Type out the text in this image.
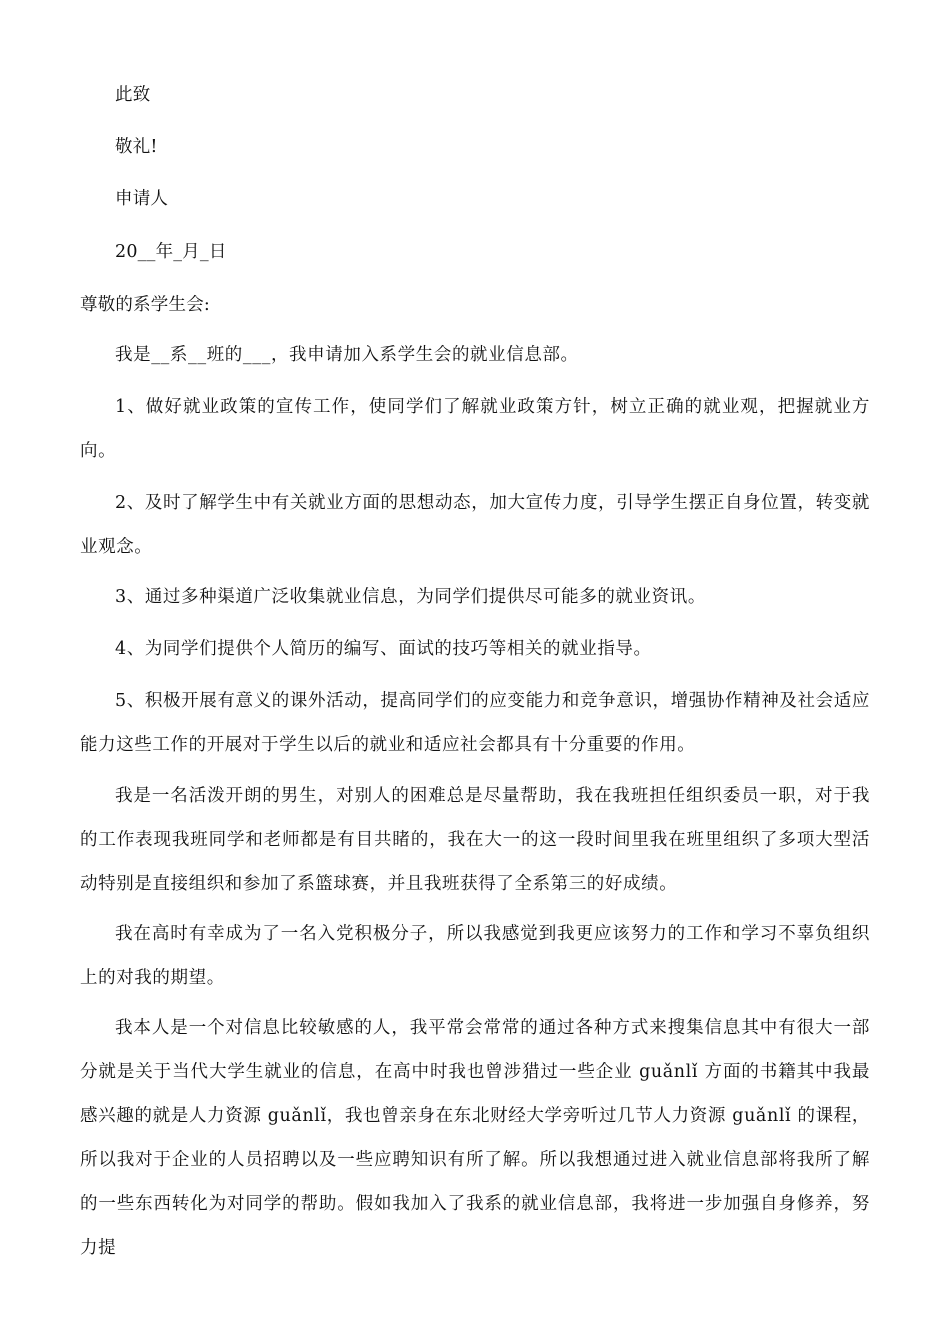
此致
敬礼!
申请人
20__年_月_日
尊敬的系学生会:

我是__系__班的___，我申请加入系学生会的就业信息部。

1、做好就业政策的宣传工作，使同学们了解就业政策方针，树立正确的就业观，把握就业方向。

2、及时了解学生中有关就业方面的思想动态，加大宣传力度，引导学生摆正自身位置，转变就业观念。

3、通过多种渠道广泛收集就业信息，为同学们提供尽可能多的就业资讯。

4、为同学们提供个人简历的编写、面试的技巧等相关的就业指导。

5、积极开展有意义的课外活动，提高同学们的应变能力和竞争意识，增强协作精神及社会适应能力这些工作的开展对于学生以后的就业和适应社会都具有十分重要的作用。

我是一名活泼开朗的男生，对别人的困难总是尽量帮助，我在我班担任组织委员一职，对于我的工作表现我班同学和老师都是有目共睹的，我在大一的这一段时间里我在班里组织了多项大型活动特别是直接组织和参加了系篮球赛，并且我班获得了全系第三的好成绩。

我在高时有幸成为了一名入党积极分子，所以我感觉到我更应该努力的工作和学习不辜负组织上的对我的期望。

我本人是一个对信息比较敏感的人，我平常会常常的通过各种方式来搜集信息其中有很大一部分就是关于当代大学生就业的信息，在高中时我也曾涉猎过一些企业 guǎnlǐ 方面的书籍其中我最感兴趣的就是人力资源 guǎnlǐ，我也曾亲身在东北财经大学旁听过几节人力资源 guǎnlǐ 的课程，所以我对于企业的人员招聘以及一些应聘知识有所了解。所以我想通过进入就业信息部将我所了解的一些东西转化为对同学的帮助。假如我加入了我系的就业信息部，我将进一步加强自身修养，努力提
